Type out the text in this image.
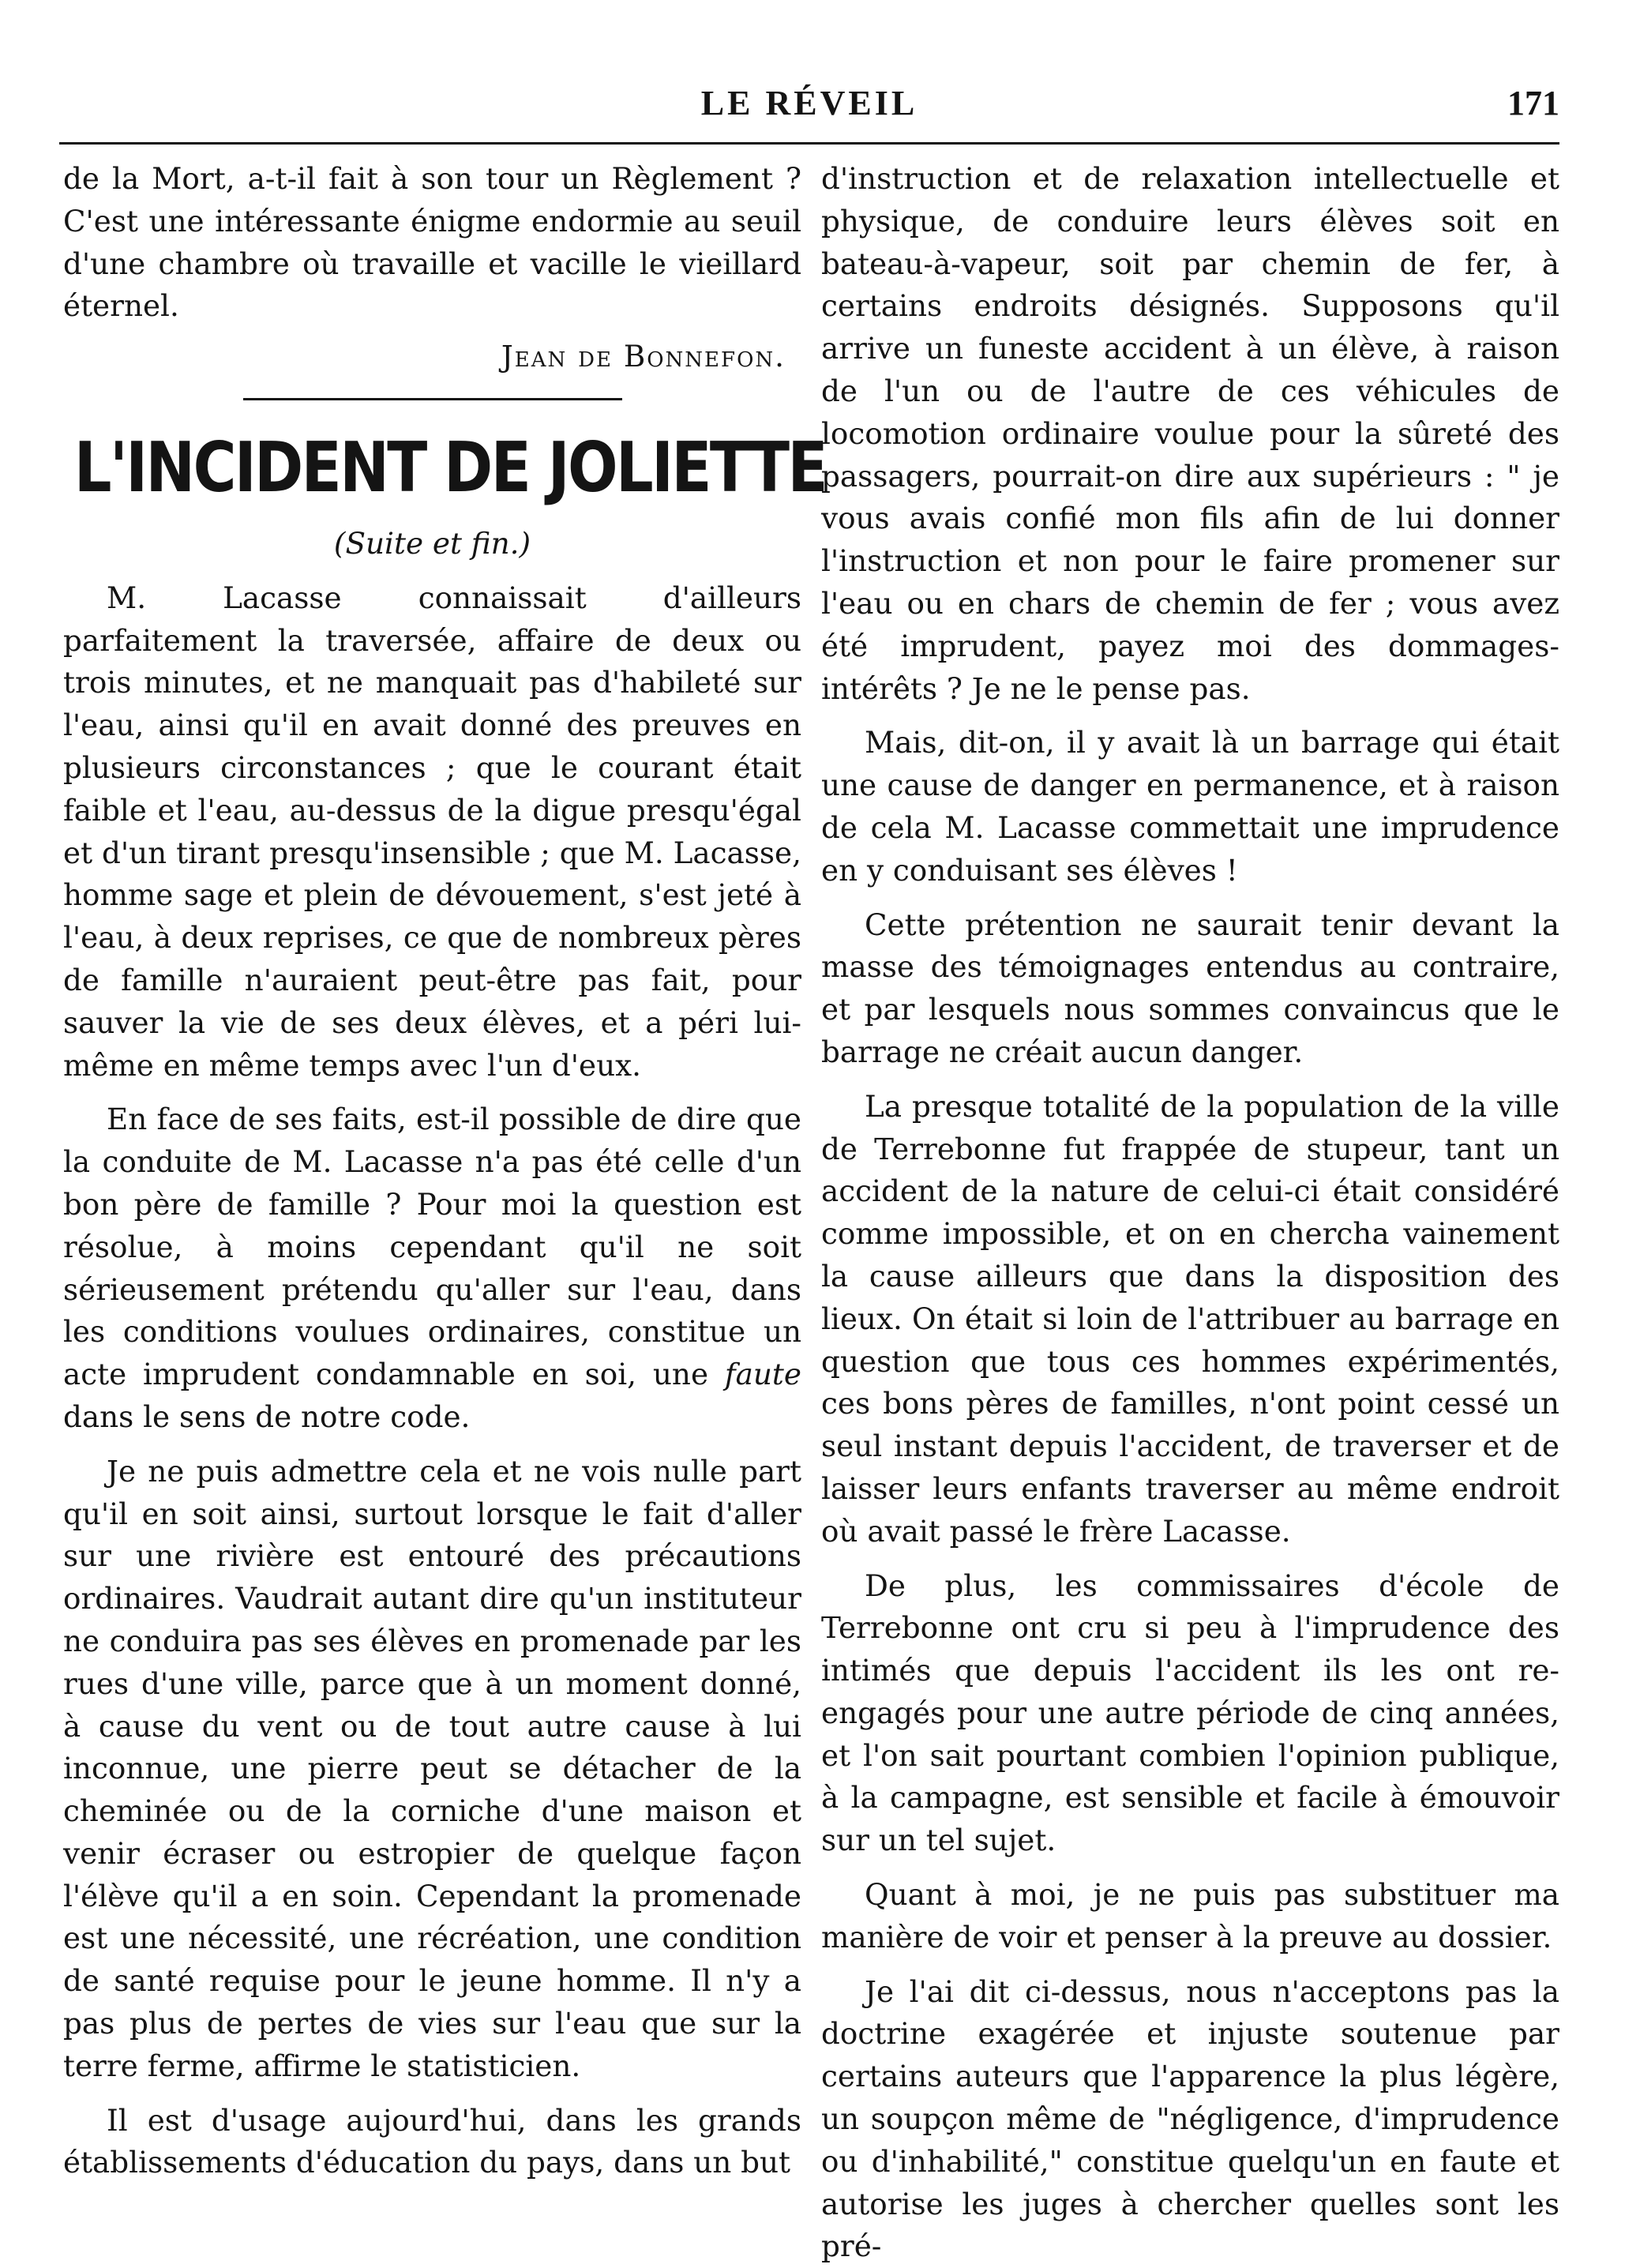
LE RÉVEIL	171

de la Mort, a-t-il fait à son tour un Règlement ? C'est une intéressante énigme endormie au seuil d'une chambre où travaille et vacille le vieillard éternel.

Jean de Bonnefon.

L'INCIDENT DE JOLIETTE

(Suite et fin.)

M. Lacasse connaissait d'ailleurs parfaitement la traversée, affaire de deux ou trois minutes, et ne manquait pas d'habileté sur l'eau, ainsi qu'il en avait donné des preuves en plusieurs circonstances ; que le courant était faible et l'eau, au-dessus de la digue presqu'égal et d'un tirant presqu'insensible ; que M. Lacasse, homme sage et plein de dévouement, s'est jeté à l'eau, à deux reprises, ce que de nombreux pères de famille n'auraient peut-être pas fait, pour sauver la vie de ses deux élèves, et a péri lui-même en même temps avec l'un d'eux.

En face de ses faits, est-il possible de dire que la conduite de M. Lacasse n'a pas été celle d'un bon père de famille ? Pour moi la question est résolue, à moins cependant qu'il ne soit sérieusement prétendu qu'aller sur l'eau, dans les conditions voulues ordinaires, constitue un acte imprudent condamnable en soi, une faute dans le sens de notre code.

Je ne puis admettre cela et ne vois nulle part qu'il en soit ainsi, surtout lorsque le fait d'aller sur une rivière est entouré des précautions ordinaires. Vaudrait autant dire qu'un instituteur ne conduira pas ses élèves en promenade par les rues d'une ville, parce que à un moment donné, à cause du vent ou de tout autre cause à lui inconnue, une pierre peut se détacher de la cheminée ou de la corniche d'une maison et venir écraser ou estropier de quelque façon l'élève qu'il a en soin. Cependant la promenade est une nécessité, une récréation, une condition de santé requise pour le jeune homme. Il n'y a pas plus de pertes de vies sur l'eau que sur la terre ferme, affirme le statisticien.

Il est d'usage aujourd'hui, dans les grands établissements d'éducation du pays, dans un but

d'instruction et de relaxation intellectuelle et physique, de conduire leurs élèves soit en bateau-à-vapeur, soit par chemin de fer, à certains endroits désignés. Supposons qu'il arrive un funeste accident à un élève, à raison de l'un ou de l'autre de ces véhicules de locomotion ordinaire voulue pour la sûreté des passagers, pourrait-on dire aux supérieurs : " je vous avais confié mon fils afin de lui donner l'instruction et non pour le faire promener sur l'eau ou en chars de chemin de fer ; vous avez été imprudent, payez moi des dommages-intérêts ? Je ne le pense pas.

Mais, dit-on, il y avait là un barrage qui était une cause de danger en permanence, et à raison de cela M. Lacasse commettait une imprudence en y conduisant ses élèves !

Cette prétention ne saurait tenir devant la masse des témoignages entendus au contraire, et par lesquels nous sommes convaincus que le barrage ne créait aucun danger.

La presque totalité de la population de la ville de Terrebonne fut frappée de stupeur, tant un accident de la nature de celui-ci était considéré comme impossible, et on en chercha vainement la cause ailleurs que dans la disposition des lieux. On était si loin de l'attribuer au barrage en question que tous ces hommes expérimentés, ces bons pères de familles, n'ont point cessé un seul instant depuis l'accident, de traverser et de laisser leurs enfants traverser au même endroit où avait passé le frère Lacasse.

De plus, les commissaires d'école de Terrebonne ont cru si peu à l'imprudence des intimés que depuis l'accident ils les ont re-engagés pour une autre période de cinq années, et l'on sait pourtant combien l'opinion publique, à la campagne, est sensible et facile à émouvoir sur un tel sujet.

Quant à moi, je ne puis pas substituer ma manière de voir et penser à la preuve au dossier.

Je l'ai dit ci-dessus, nous n'acceptons pas la doctrine exagérée et injuste soutenue par certains auteurs que l'apparence la plus légère, un soupçon même de "négligence, d'imprudence ou d'inhabilité," constitue quelqu'un en faute et autorise les juges à chercher quelles sont les pré-
